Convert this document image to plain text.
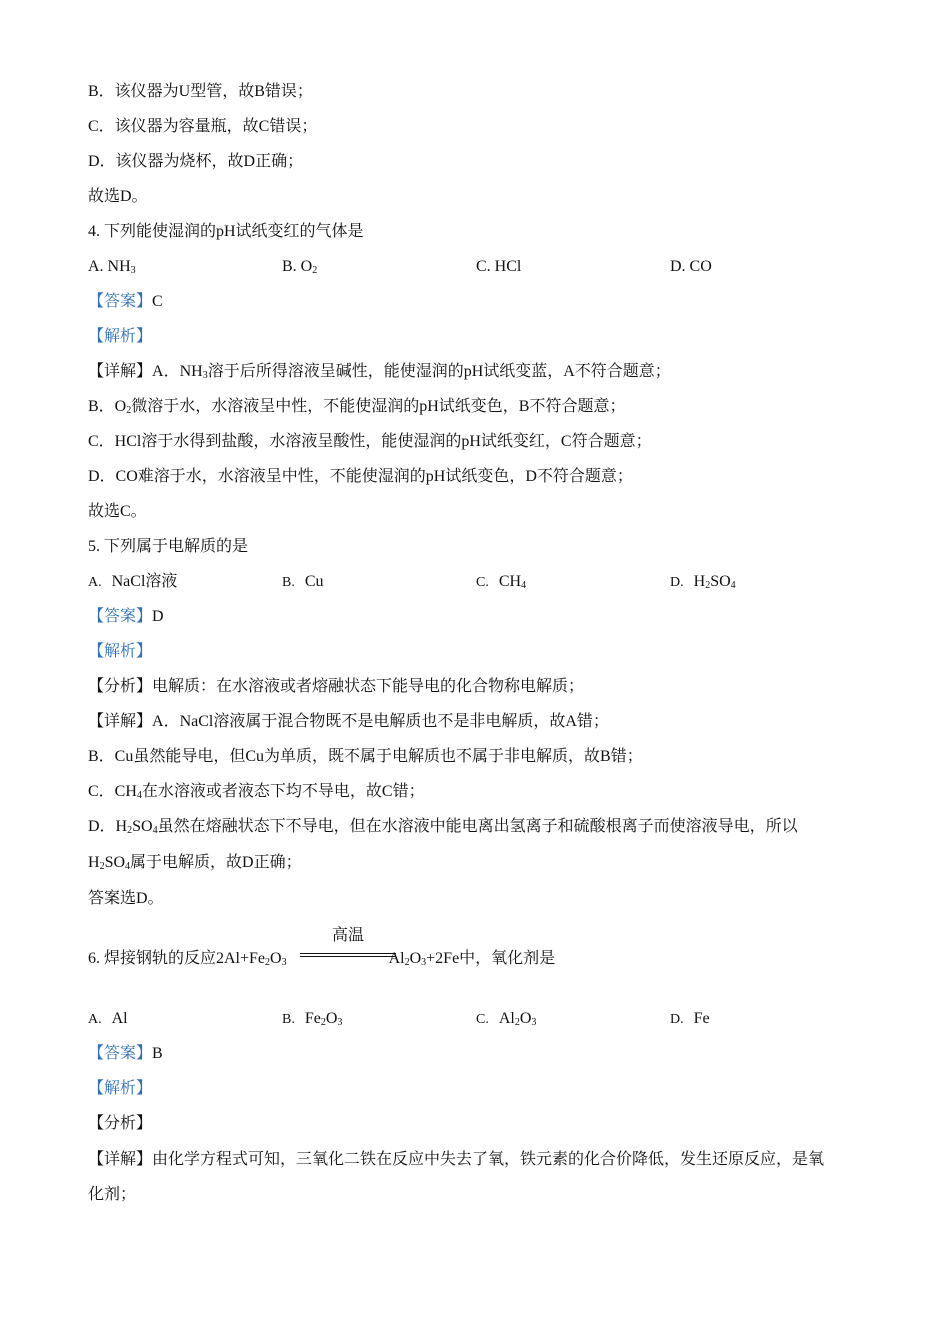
B．该仪器为U型管，故B错误；
C．该仪器为容量瓶，故C错误；
D．该仪器为烧杯，故D正确；
故选D。
4. 下列能使湿润的pH试纸变红的气体是
A. $NH_3$	B. $O_2$	C. HCl	D. CO
【答案】C
【解析】
【详解】A．$NH_3$溶于后所得溶液呈碱性，能使湿润的pH试纸变蓝，A不符合题意；
B．$O_2$微溶于水，水溶液呈中性，不能使湿润的pH试纸变色，B不符合题意；
C．HCl溶于水得到盐酸，水溶液呈酸性，能使湿润的pH试纸变红，C符合题意；
D．CO难溶于水，水溶液呈中性，不能使湿润的pH试纸变色，D不符合题意；
故选C。
5. 下列属于电解质的是
A. NaCl溶液	B. Cu	C. $CH_4$	D. $H_2SO_4$
【答案】D
【解析】
【分析】电解质：在水溶液或者熔融状态下能导电的化合物称电解质；
【详解】A．NaCl溶液属于混合物既不是电解质也不是非电解质，故A错；
B．Cu虽然能导电，但Cu为单质，既不属于电解质也不属于非电解质，故B错；
C．$CH_4$在水溶液或者液态下均不导电，故C错；
D．$H_2SO_4$虽然在熔融状态下不导电，但在水溶液中能电离出氢离子和硫酸根离子而使溶液导电，所以
$H_2SO_4$属于电解质，故D正确；
答案选D。
6. 焊接钢轨的反应$2Al+Fe_2O_3$	$Al_2O_3+2Fe$中，氧化剂是
高温
A. Al	B. $Fe_2O_3$	C. $Al_2O_3$	D. Fe
【答案】B
【解析】
【分析】
【详解】由化学方程式可知，三氧化二铁在反应中失去了氧，铁元素的化合价降低，发生还原反应，是氧
化剂；
